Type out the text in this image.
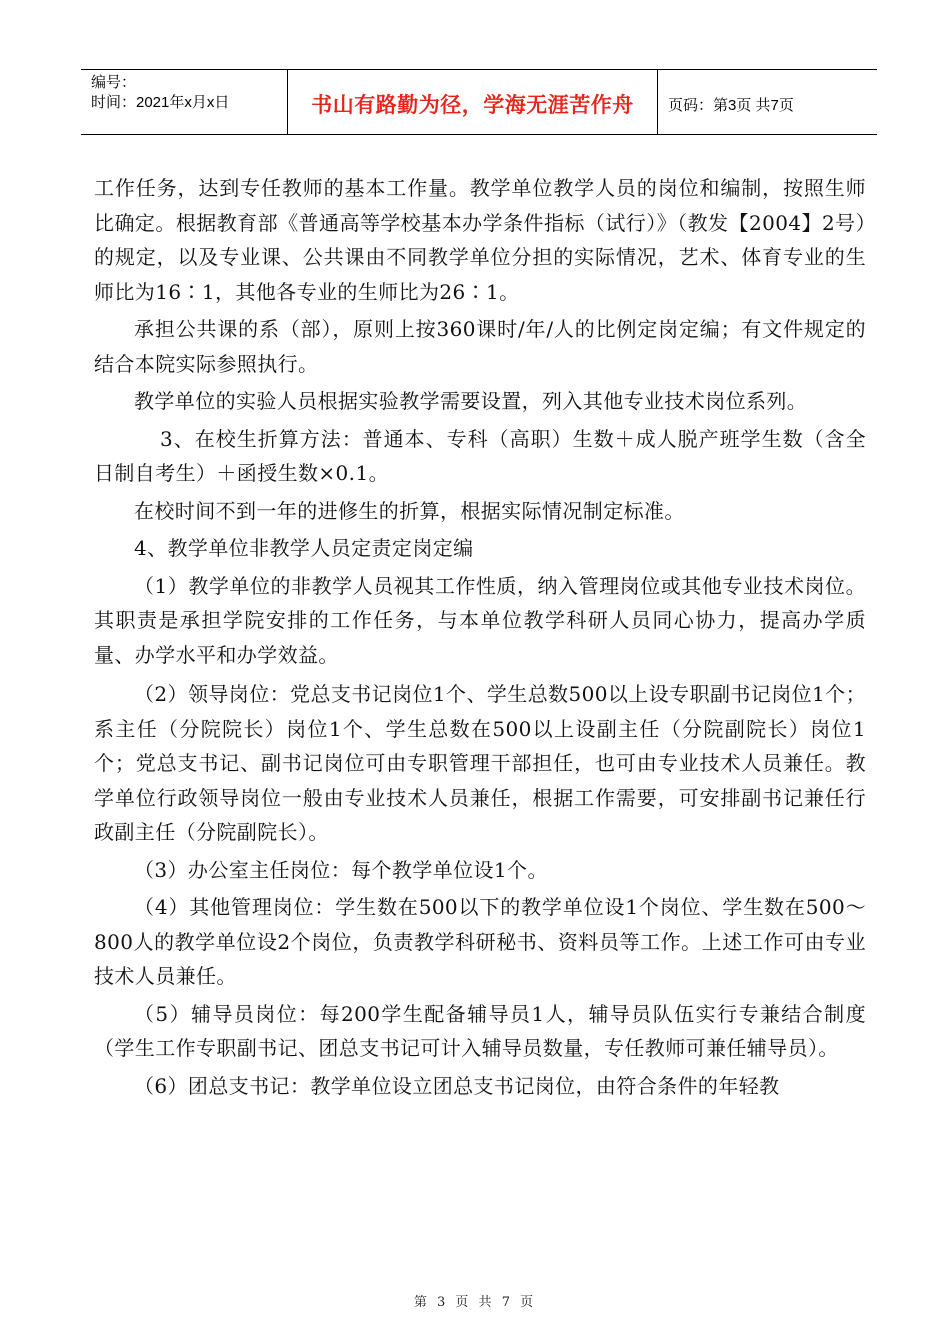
编号：
时间：2021年x月x日	书山有路勤为径，学海无涯苦作舟 页码：第3页 共7页

工作任务，达到专任教师的基本工作量。教学单位教学人员的岗位和编制，按照生师比确定。根据教育部《普通高等学校基本办学条件指标（试行）》（教发【2004】2号）的规定，以及专业课、公共课由不同教学单位分担的实际情况，艺术、体育专业的生师比为16∶1，其他各专业的生师比为26∶1。

承担公共课的系（部），原则上按360课时/年/人的比例定岗定编；有文件规定的结合本院实际参照执行。

教学单位的实验人员根据实验教学需要设置，列入其他专业技术岗位系列。

3、在校生折算方法：普通本、专科（高职）生数＋成人脱产班学生数（含全日制自考生）＋函授生数×0.1。

在校时间不到一年的进修生的折算，根据实际情况制定标准。

4、教学单位非教学人员定责定岗定编

（1）教学单位的非教学人员视其工作性质，纳入管理岗位或其他专业技术岗位。其职责是承担学院安排的工作任务，与本单位教学科研人员同心协力，提高办学质量、办学水平和办学效益。

（2）领导岗位：党总支书记岗位1个、学生总数500以上设专职副书记岗位1个；系主任（分院院长）岗位1个、学生总数在500以上设副主任（分院副院长）岗位1个；党总支书记、副书记岗位可由专职管理干部担任，也可由专业技术人员兼任。教学单位行政领导岗位一般由专业技术人员兼任，根据工作需要，可安排副书记兼任行政副主任（分院副院长）。

（3）办公室主任岗位：每个教学单位设1个。

（4）其他管理岗位：学生数在500以下的教学单位设1个岗位、学生数在500～800人的教学单位设2个岗位，负责教学科研秘书、资料员等工作。上述工作可由专业技术人员兼任。

（5）辅导员岗位：每200学生配备辅导员1人，辅导员队伍实行专兼结合制度（学生工作专职副书记、团总支书记可计入辅导员数量，专任教师可兼任辅导员）。

（6）团总支书记：教学单位设立团总支书记岗位，由符合条件的年轻教

第 3 页 共 7 页
